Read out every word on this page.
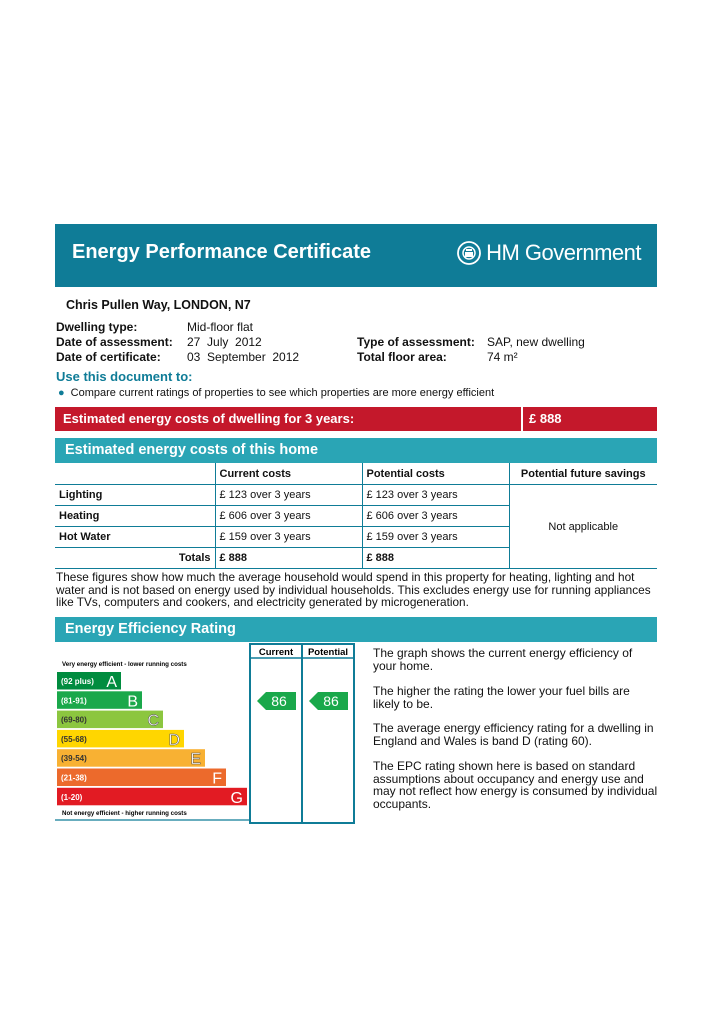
Energy Performance Certificate	HM Government
Chris Pullen Way, LONDON, N7
Dwelling type:	Mid-floor flat
Date of assessment: 27  July  2012
Date of certificate: 03  September  2012
Type of assessment: SAP, new dwelling
Total floor area:	74 m²
Use this document to:
● Compare current ratings of properties to see which properties are more energy efficient
Estimated energy costs of dwelling for 3 years:	£ 888
Estimated energy costs of this home
	Current costs	Potential costs	Potential future savings
Lighting	£ 123 over 3 years	£ 123 over 3 years	Not applicable
Heating	£ 606 over 3 years	£ 606 over 3 years	
Hot Water	£ 159 over 3 years	£ 159 over 3 years	
Totals	£ 888	£ 888	
These figures show how much the average household would spend in this property for heating, lighting and hot water and is not based on energy used by individual households. This excludes energy use for running appliances like TVs, computers and cookers, and electricity generated by microgeneration.
Energy Efficiency Rating
(92 plus) A
(81-91)	B
(69-80)	C
(55-68)	D
(39-54)	E
(21-38)	F
(1-20)	G
Very energy efficient - lower running costs
Not energy efficient - higher running costs
Current Potential
86	86
The graph shows the current energy efficiency of your home.
The higher the rating the lower your fuel bills are likely to be.
The average energy efficiency rating for a dwelling in England and Wales is band D (rating 60).
The EPC rating shown here is based on standard assumptions about occupancy and energy use and may not reflect how energy is consumed by individual occupants.
